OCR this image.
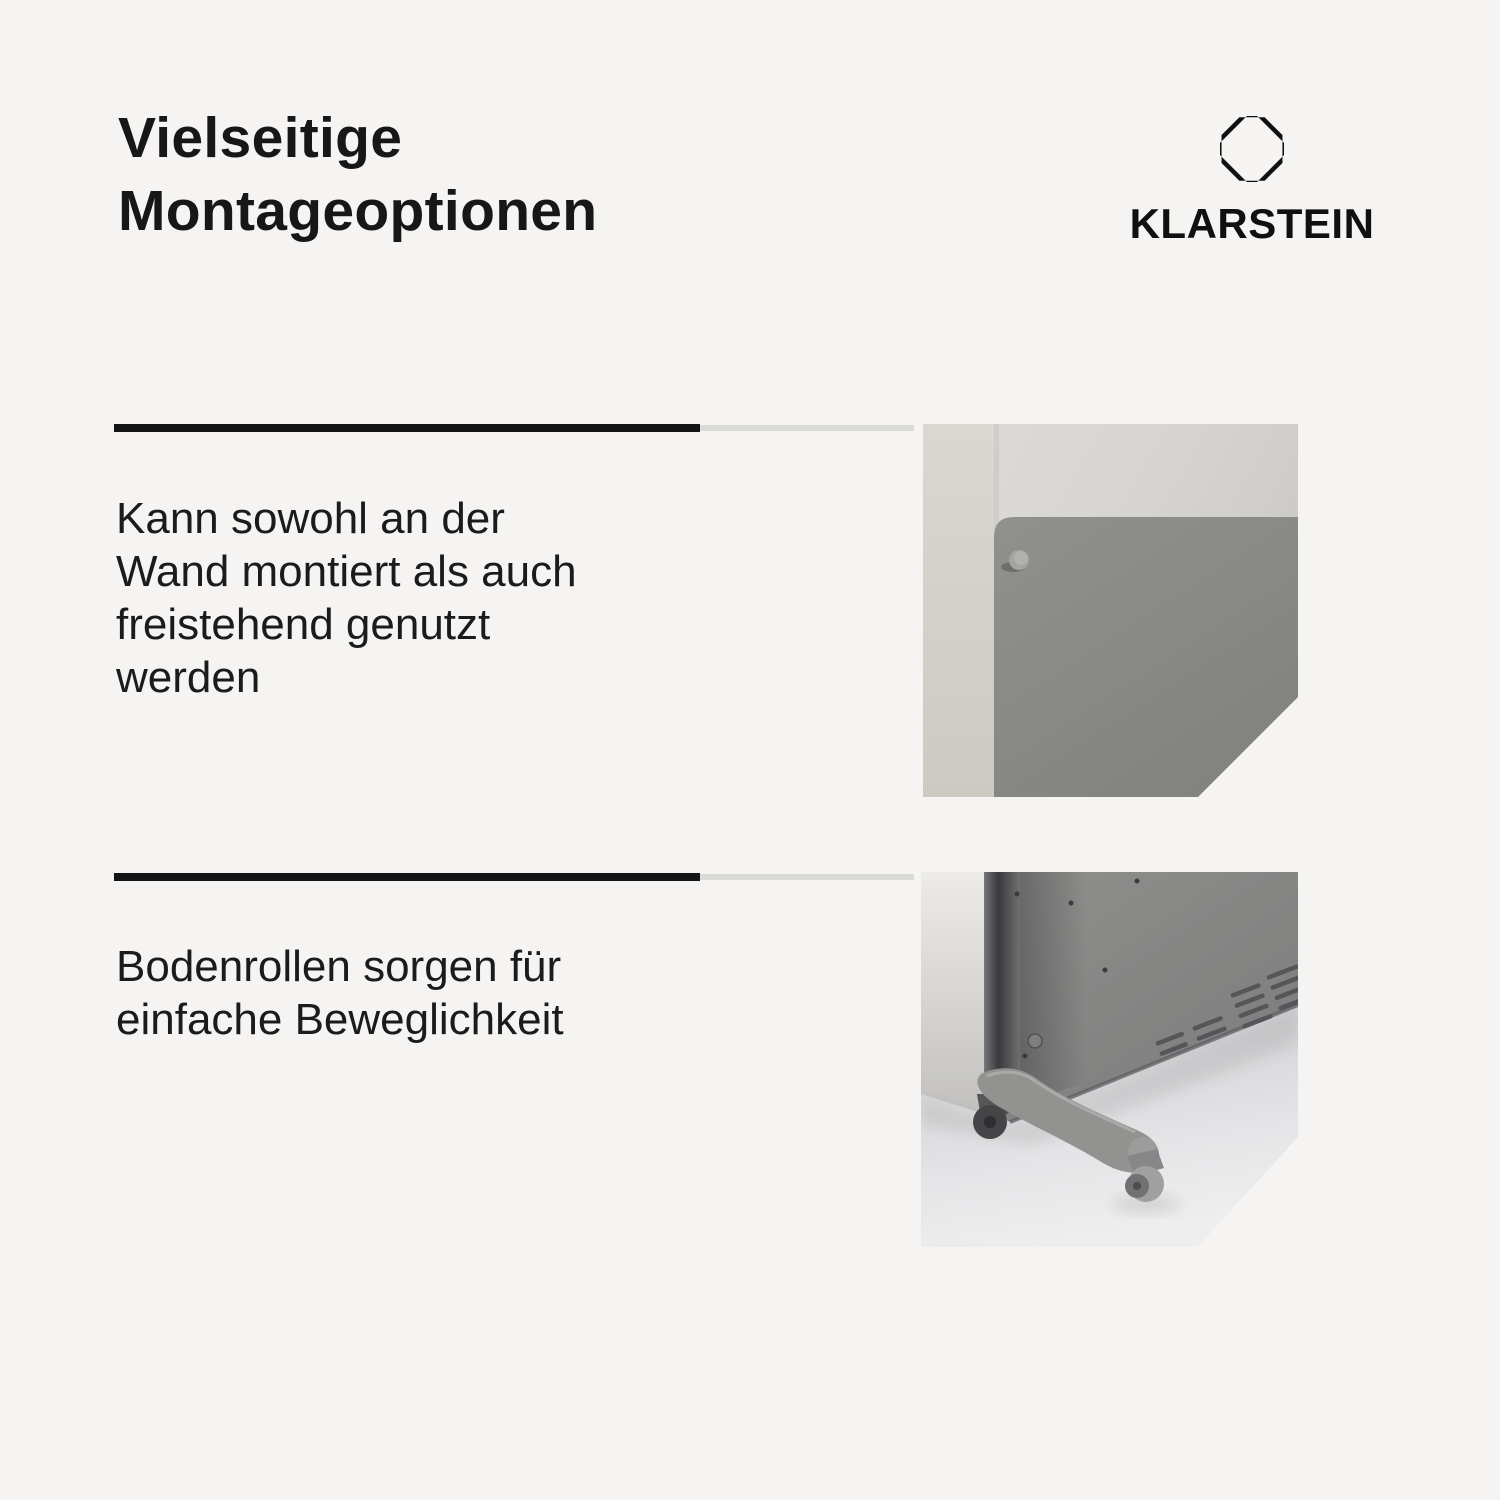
Vielseitige
Montageoptionen	KLARSTEIN
Kann sowohl an der
Wand montiert als auch
freistehend genutzt
werden
Bodenrollen sorgen für
einfache Beweglichkeit
